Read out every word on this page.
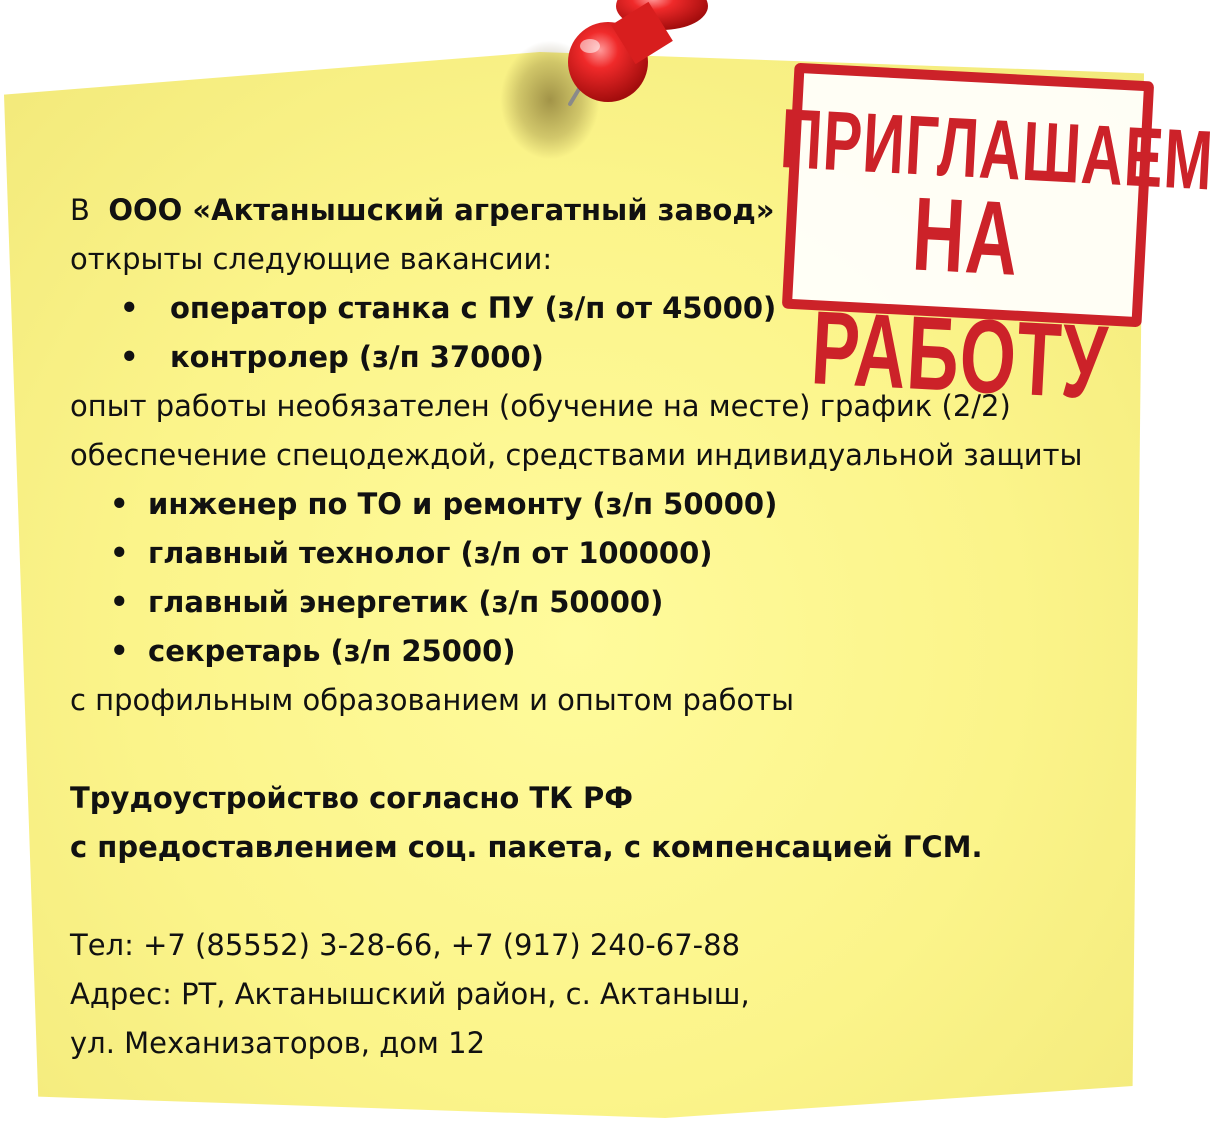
ПРИГЛАШАЕМ
НА РАБОТУ
В ООО «Актанышский агрегатный завод»
открыты следующие вакансии:
• оператор станка с ПУ (з/п от 45000)
• контролер (з/п 37000)
опыт работы необязателен (обучение на месте) график (2/2)
обеспечение спецодеждой, средствами индивидуальной защиты
• инженер по ТО и ремонту (з/п 50000)
• главный технолог (з/п от 100000)
• главный энергетик (з/п 50000)
• секретарь (з/п 25000)
с профильным образованием и опытом работы
Трудоустройство согласно ТК РФ
с предоставлением соц. пакета, с компенсацией ГСМ.
Тел: +7 (85552) 3-28-66, +7 (917) 240-67-88
Адрес: РТ, Актанышский район, с. Актаныш,
ул. Механизаторов, дом 12
